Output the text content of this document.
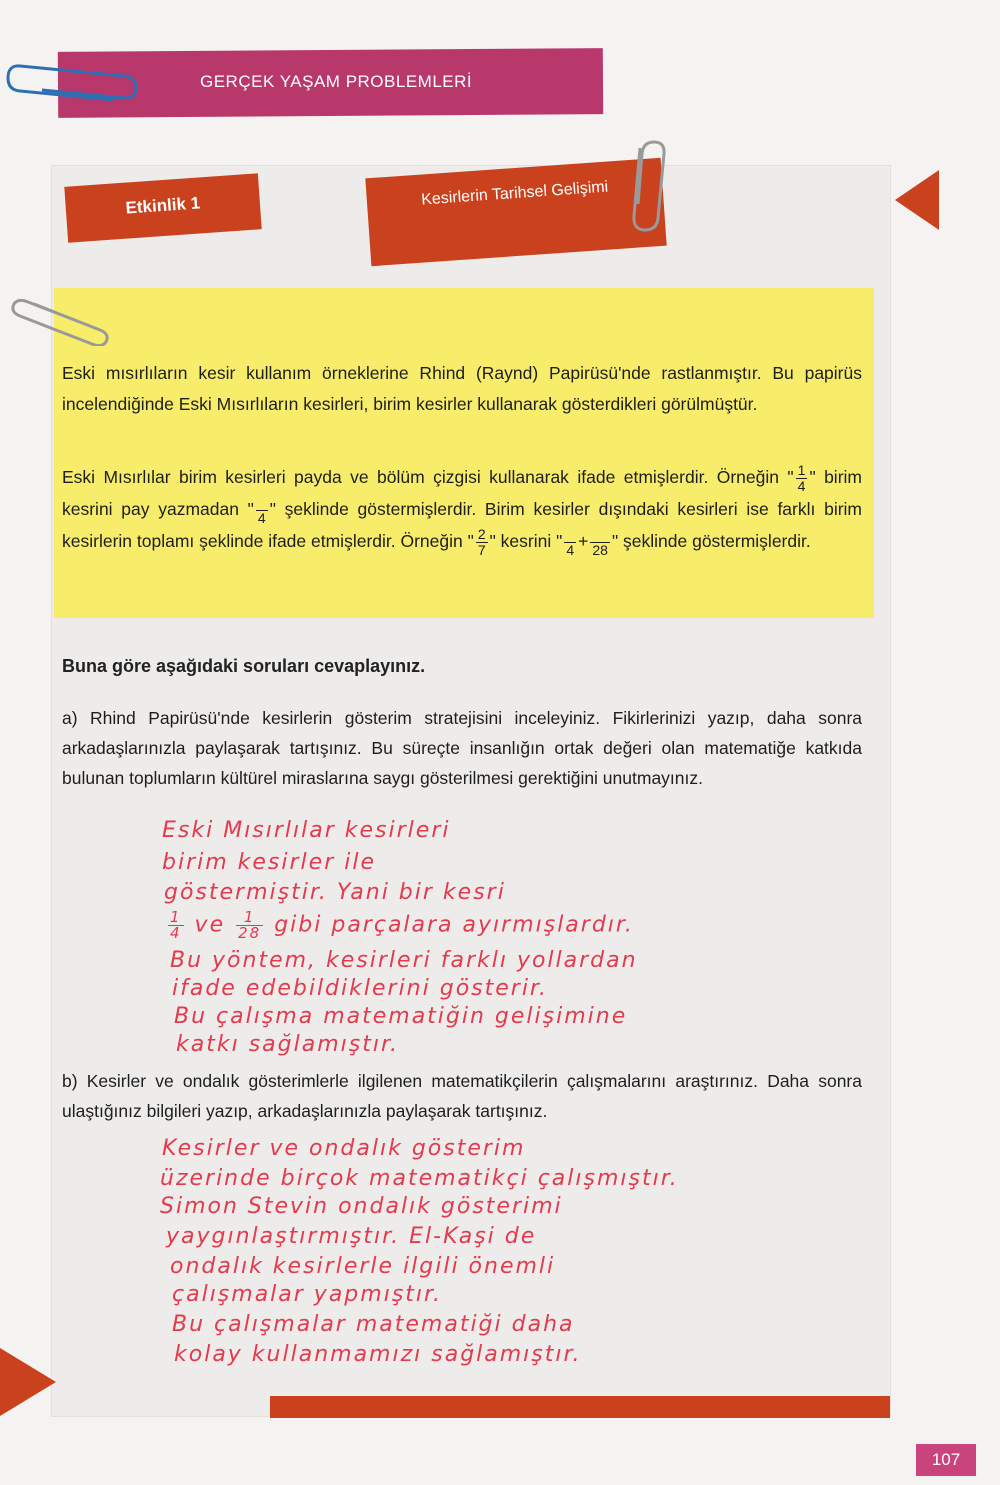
GERÇEK YAŞAM PROBLEMLERİ
Etkinlik 1	Kesirlerin Tarihsel Gelişimi
Eski mısırlıların kesir kullanım örneklerine Rhind (Raynd) Papirüsü'nde rastlanmıştır. Bu papirüs incelendiğinde Eski Mısırlıların kesirleri, birim kesirler kullanarak gösterdikleri görülmüştür.
Eski Mısırlılar birim kesirleri payda ve bölüm çizgisi kullanarak ifade etmişlerdir. Örneğin " $\frac{1}{4}$ " birim kesrini pay yazmadan " 4 " şeklinde göstermişlerdir. Birim kesirler dışındaki kesirleri ise farklı birim kesirlerin toplamı şeklinde ifade etmişlerdir. Örneğin " $\frac{2}{7}$ " kesrini " 4 + 28 " şeklinde göstermişlerdir.
Buna göre aşağıdaki soruları cevaplayınız.
a) Rhind Papirüsü'nde kesirlerin gösterim stratejisini inceleyiniz. Fikirlerinizi yazıp, daha sonra arkadaşlarınızla paylaşarak tartışınız. Bu süreçte insanlığın ortak değeri olan matematiğe katkıda bulunan toplumların kültürel miraslarına saygı gösterilmesi gerektiğini unutmayınız.
Eski Mısırlılar kesirleri
birim kesirler ile
göstermiştir. Yani bir kesri
$\frac{1}{4}$ ve $\frac{1}{28}$ gibi parçalara ayırmışlardır.
Bu yöntem, kesirleri farklı yollardan
ifade edebildiklerini gösterir.
Bu çalışma matematiğin gelişimine
katkı sağlamıştır.
b) Kesirler ve ondalık gösterimlerle ilgilenen matematikçilerin çalışmalarını araştırınız. Daha sonra ulaştığınız bilgileri yazıp, arkadaşlarınızla paylaşarak tartışınız.
Kesirler ve ondalık gösterim
üzerinde birçok matematikçi çalışmıştır.
Simon Stevin ondalık gösterimi
yaygınlaştırmıştır. El-Kaşi de
ondalık kesirlerle ilgili önemli
çalışmalar yapmıştır.
Bu çalışmalar matematiği daha
kolay kullanmamızı sağlamıştır.
107
